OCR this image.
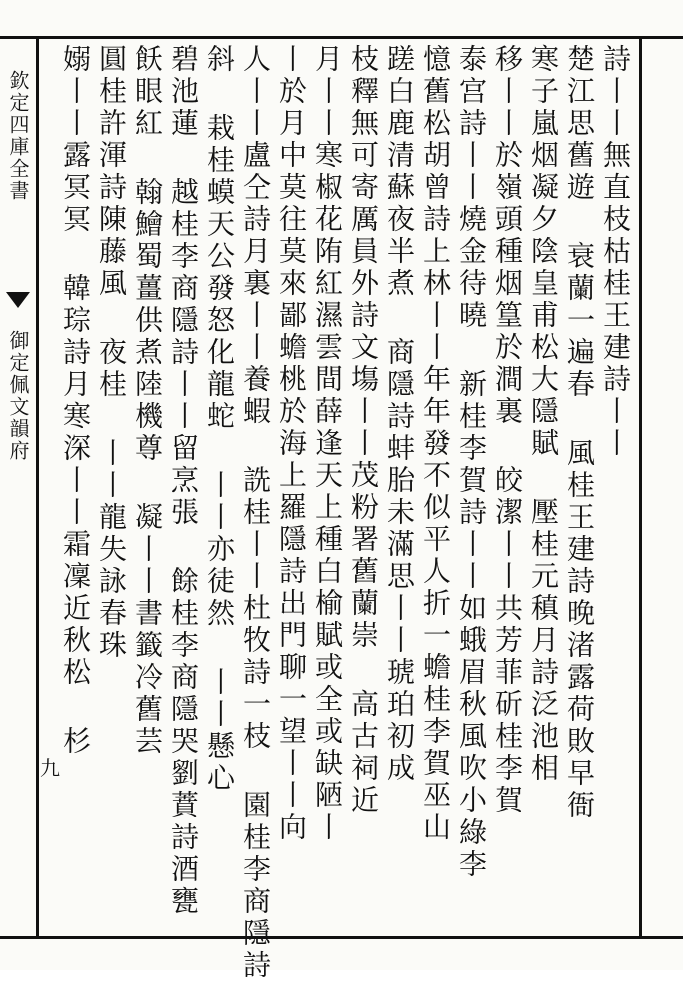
欽定四庫全書
御定佩文韻府
九
詩丨丨無直枝枯桂王建詩丨丨
楚江思舊遊 衰蘭一遍春 風桂王建詩晚渚露荷敗早衙
寒子嵐烟凝夕陰皇甫松大隱賦 壓桂元稹月詩泛池相
移丨丨於嶺頭種烟篁於澗裏 皎潔丨丨共芳菲斫桂李賀
泰宫詩丨丨燒金待曉 新桂李賀詩丨丨如蛾眉秋風吹小綠李
憶舊松胡曾詩上林丨丨年年發不似平人折一蟾桂李賀巫山
蹉白鹿清蘇夜半煮 商隱詩蚌胎未滿思丨丨琥珀初成
枝釋無可寄厲員外詩文塲丨丨茂粉署舊蘭崇 高古祠近
月丨丨寒椒花陏紅濕雲間薛逢天上種白榆賦或全或缺陋丨
丨於月中莫往莫來鄙蟾桃於海上羅隱詩出門聊一望丨丨向
人丨丨盧仝詩月裏丨丨養蝦 詵桂丨丨杜牧詩一枝 園桂李商隱詩
斜 栽桂蟆天公發怒化龍蛇 丨丨亦徒然 丨丨懸心
碧池蓮 越桂李商隱詩丨丨留烹張 餘桂李商隱哭劉蕡詩酒甕
飫眼紅 翰鱠蜀薑供煮陸機尊 凝丨丨書籤冷舊芸
圓桂許渾詩陳藤風 夜桂 丨丨龍失詠春珠
嫋丨丨露冥冥 韓琮詩月寒深丨丨霜凜近秋松 杉
